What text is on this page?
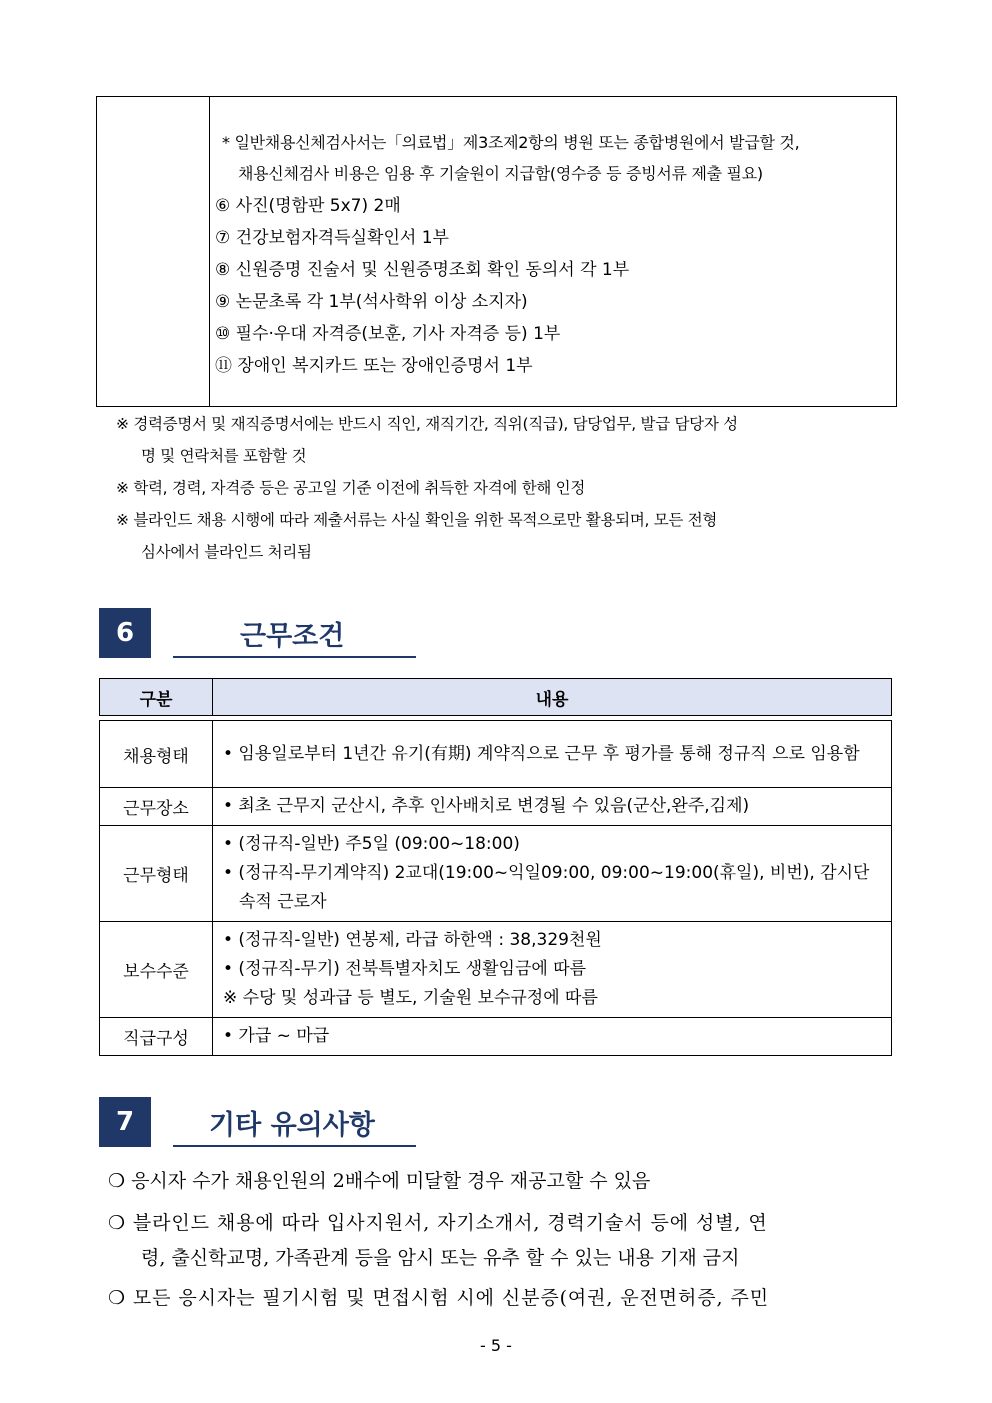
* 일반채용신체검사서는「의료법」제3조제2항의 병원 또는 종합병원에서 발급할 것,
채용신체검사 비용은 임용 후 기술원이 지급함(영수증 등 증빙서류 제출 필요)
⑥ 사진(명함판 5x7) 2매
⑦ 건강보험자격득실확인서 1부
⑧ 신원증명 진술서 및 신원증명조회 확인 동의서 각 1부
⑨ 논문초록 각 1부(석사학위 이상 소지자)
⑩ 필수·우대 자격증(보훈, 기사 자격증 등) 1부
⑪ 장애인 복지카드 또는 장애인증명서 1부
※ 경력증명서 및 재직증명서에는 반드시 직인, 재직기간, 직위(직급), 담당업무, 발급 담당자 성
명 및 연락처를 포함할 것
※ 학력, 경력, 자격증 등은 공고일 기준 이전에 취득한 자격에 한해 인정
※ 블라인드 채용 시행에 따라 제출서류는 사실 확인을 위한 목적으로만 활용되며, 모든 전형
심사에서 블라인드 처리됨
6	근무조건
구분	내용

채용형태	• 임용일로부터 1년간 유기(有期) 계약직으로 근무 후 평가를 통해 정규직 으로 임용함

근무장소	• 최초 근무지 군산시, 추후 인사배치로 변경될 수 있음(군산,완주,김제)

근무형태	• (정규직-일반) 주5일 (09:00~18:00)
• (정규직-무기계약직) 2교대(19:00~익일09:00, 09:00~19:00(휴일), 비번), 감시단속적 근로자

보수수준	• (정규직-일반) 연봉제, 라급 하한액 : 38,329천원
• (정규직-무기) 전북특별자치도 생활임금에 따름
※ 수당 및 성과급 등 별도, 기술원 보수규정에 따름

직급구성	• 가급 ~ 마급
7	기타 유의사항
❍ 응시자 수가 채용인원의 2배수에 미달할 경우 재공고할 수 있음
❍ 블라인드 채용에 따라 입사지원서, 자기소개서, 경력기술서 등에 성별, 연
령, 출신학교명, 가족관계 등을 암시 또는 유추 할 수 있는 내용 기재 금지
❍ 모든 응시자는 필기시험 및 면접시험 시에 신분증(여권, 운전면허증, 주민
- 5 -
